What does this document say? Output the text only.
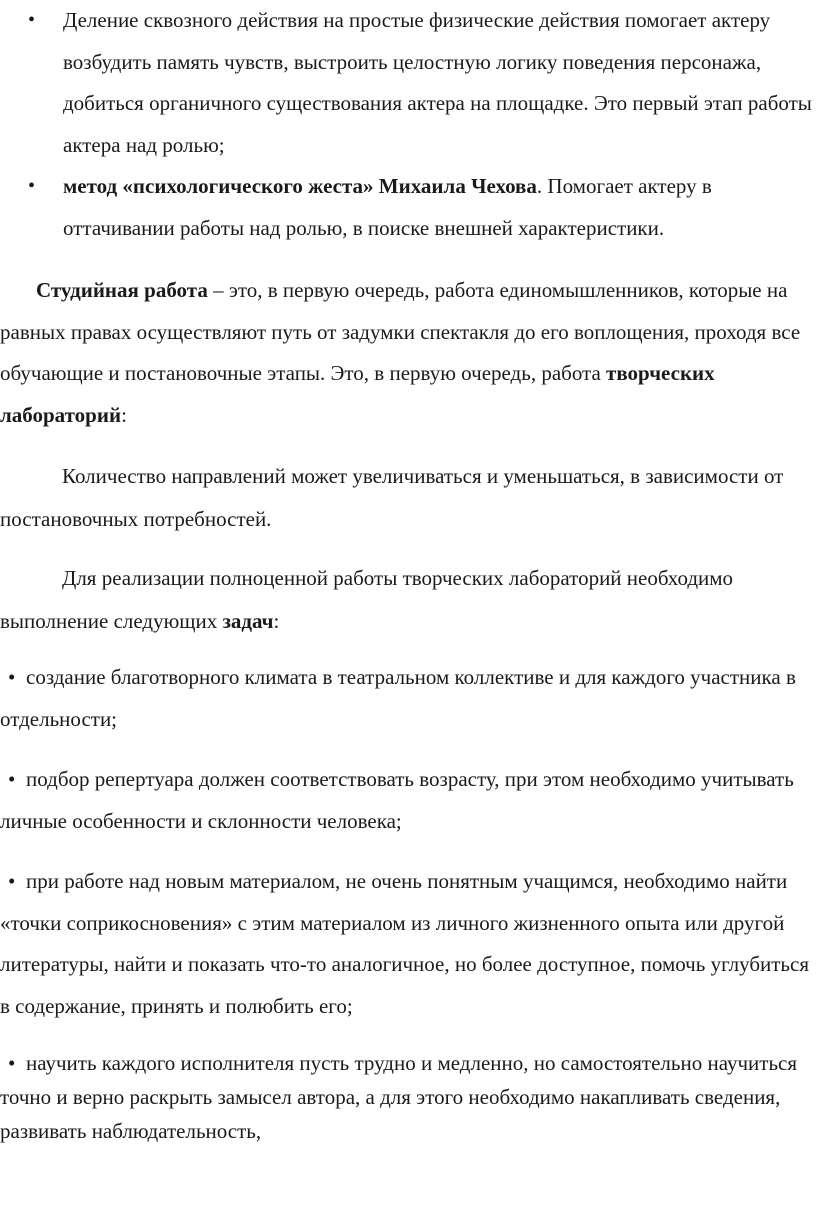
• Деление сквозного действия на простые физические действия помогает актеру возбудить память чувств, выстроить целостную логику поведения персонажа, добиться органичного существования актера на площадке. Это первый этап работы актера над ролью;
• метод «психологического жеста» Михаила Чехова. Помогает актеру в оттачивании работы над ролью, в поиске внешней характеристики.

Студийная работа – это, в первую очередь, работа единомышленников, которые на равных правах осуществляют путь от задумки спектакля до его воплощения, проходя все обучающие и постановочные этапы. Это, в первую очередь, работа творческих лабораторий:

Количество направлений может увеличиваться и уменьшаться, в зависимости от постановочных потребностей.

Для реализации полноценной работы творческих лабораторий необходимо выполнение следующих задач:

• создание благотворного климата в театральном коллективе и для каждого участника в отдельности;
• подбор репертуара должен соответствовать возрасту, при этом необходимо учитывать личные особенности и склонности человека;
• при работе над новым материалом, не очень понятным учащимся, необходимо найти «точки соприкосновения» с этим материалом из личного жизненного опыта или другой литературы, найти и показать что-то аналогичное, но более доступное, помочь углубиться в содержание, принять и полюбить его;
• научить каждого исполнителя пусть трудно и медленно, но самостоятельно научиться точно и верно раскрыть замысел автора, а для этого необходимо накапливать сведения, развивать наблюдательность,
